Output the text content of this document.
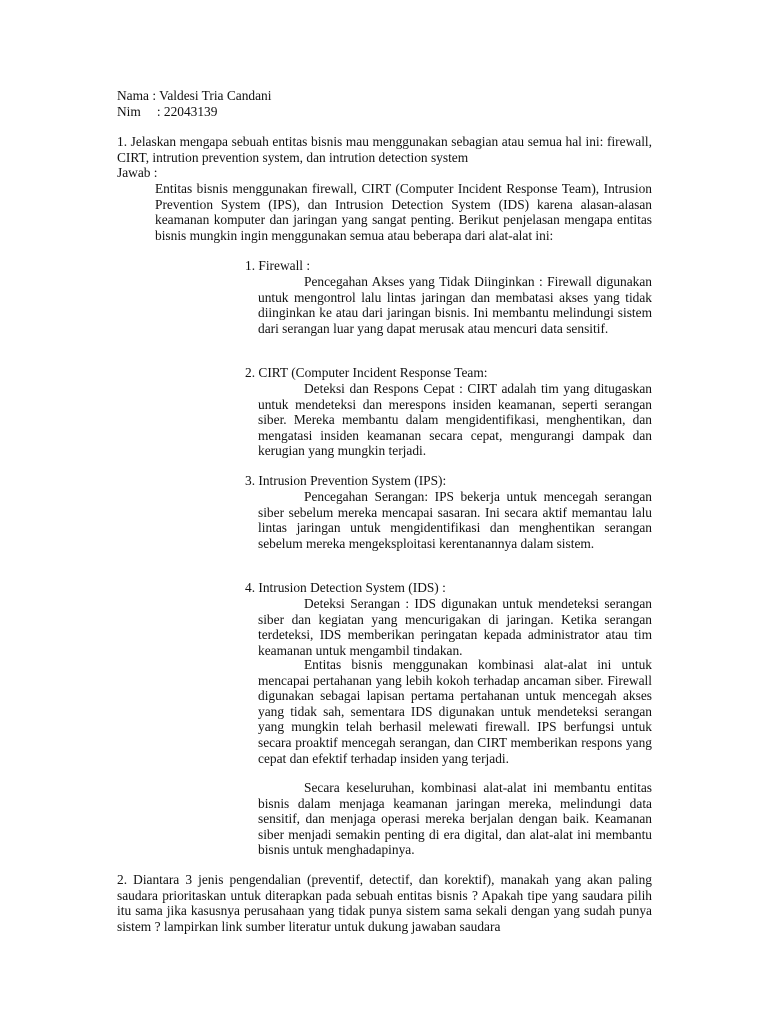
Nama : Valdesi Tria Candani
Nim : 22043139

1. Jelaskan mengapa sebuah entitas bisnis mau menggunakan sebagian atau semua hal ini: firewall, CIRT, intrution prevention system, dan intrution detection system

Jawab :

Entitas bisnis menggunakan firewall, CIRT (Computer Incident Response Team), Intrusion Prevention System (IPS), dan Intrusion Detection System (IDS) karena alasan-alasan keamanan komputer dan jaringan yang sangat penting. Berikut penjelasan mengapa entitas bisnis mungkin ingin menggunakan semua atau beberapa dari alat-alat ini:

1. Firewall :

Pencegahan Akses yang Tidak Diinginkan : Firewall digunakan untuk mengontrol lalu lintas jaringan dan membatasi akses yang tidak diinginkan ke atau dari jaringan bisnis. Ini membantu melindungi sistem dari serangan luar yang dapat merusak atau mencuri data sensitif.

2. CIRT (Computer Incident Response Team:

Deteksi dan Respons Cepat : CIRT adalah tim yang ditugaskan untuk mendeteksi dan merespons insiden keamanan, seperti serangan siber. Mereka membantu dalam mengidentifikasi, menghentikan, dan mengatasi insiden keamanan secara cepat, mengurangi dampak dan kerugian yang mungkin terjadi.

3. Intrusion Prevention System (IPS):

Pencegahan Serangan: IPS bekerja untuk mencegah serangan siber sebelum mereka mencapai sasaran. Ini secara aktif memantau lalu lintas jaringan untuk mengidentifikasi dan menghentikan serangan sebelum mereka mengeksploitasi kerentanannya dalam sistem.

4. Intrusion Detection System (IDS) :

Deteksi Serangan : IDS digunakan untuk mendeteksi serangan siber dan kegiatan yang mencurigakan di jaringan. Ketika serangan terdeteksi, IDS memberikan peringatan kepada administrator atau tim keamanan untuk mengambil tindakan.

Entitas bisnis menggunakan kombinasi alat-alat ini untuk mencapai pertahanan yang lebih kokoh terhadap ancaman siber. Firewall digunakan sebagai lapisan pertama pertahanan untuk mencegah akses yang tidak sah, sementara IDS digunakan untuk mendeteksi serangan yang mungkin telah berhasil melewati firewall. IPS berfungsi untuk secara proaktif mencegah serangan, dan CIRT memberikan respons yang cepat dan efektif terhadap insiden yang terjadi.

Secara keseluruhan, kombinasi alat-alat ini membantu entitas bisnis dalam menjaga keamanan jaringan mereka, melindungi data sensitif, dan menjaga operasi mereka berjalan dengan baik. Keamanan siber menjadi semakin penting di era digital, dan alat-alat ini membantu bisnis untuk menghadapinya.

2. Diantara 3 jenis pengendalian (preventif, detectif, dan korektif), manakah yang akan paling saudara prioritaskan untuk diterapkan pada sebuah entitas bisnis ? Apakah tipe yang saudara pilih itu sama jika kasusnya perusahaan yang tidak punya sistem sama sekali dengan yang sudah punya sistem ? lampirkan link sumber literatur untuk dukung jawaban saudara
